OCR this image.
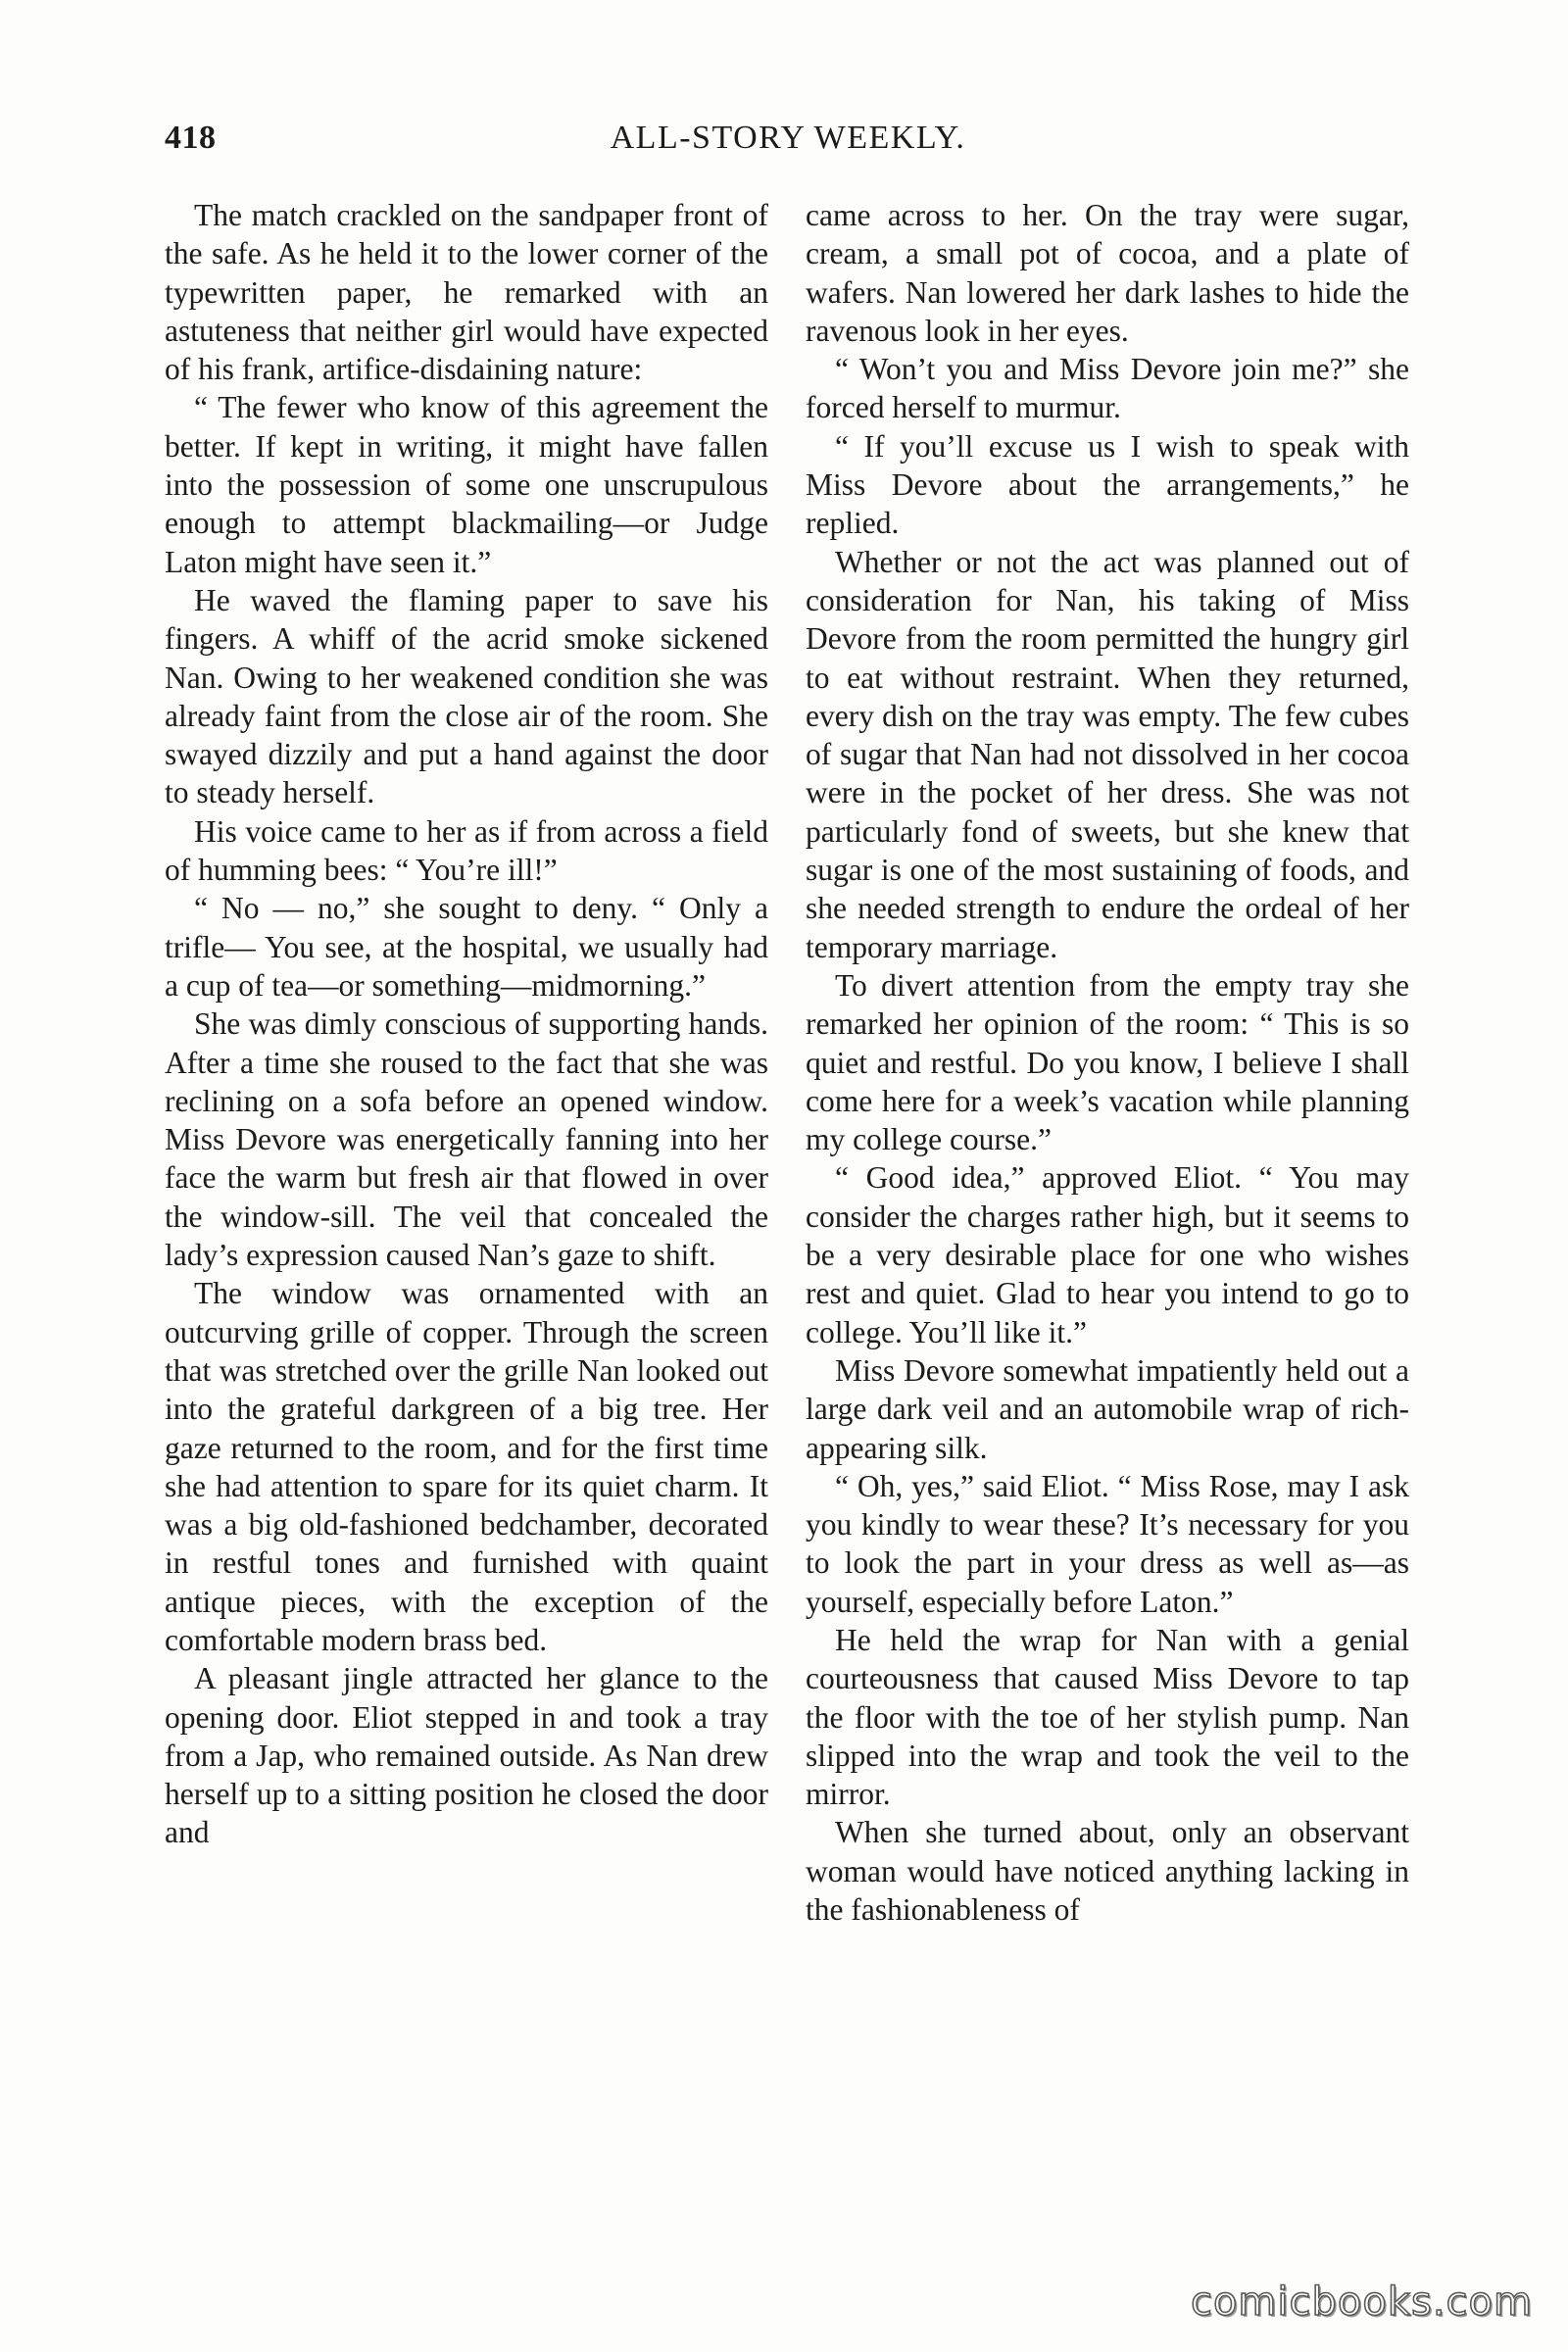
418	ALL-STORY WEEKLY.

The match crackled on the sandpaper front of the safe. As he held it to the lower corner of the typewritten paper, he remarked with an astuteness that neither girl would have expected of his frank, artifice-disdaining nature:

“ The fewer who know of this agreement the better. If kept in writing, it might have fallen into the possession of some one unscrupulous enough to attempt blackmailing—or Judge Laton might have seen it.”

He waved the flaming paper to save his fingers. A whiff of the acrid smoke sickened Nan. Owing to her weakened condition she was already faint from the close air of the room. She swayed dizzily and put a hand against the door to steady herself.

His voice came to her as if from across a field of humming bees: “ You’re ill!”

“ No — no,” she sought to deny. “ Only a trifle— You see, at the hospital, we usually had a cup of tea—or something—midmorning.”

She was dimly conscious of supporting hands. After a time she roused to the fact that she was reclining on a sofa before an opened window. Miss Devore was energetically fanning into her face the warm but fresh air that flowed in over the window-sill. The veil that concealed the lady’s expression caused Nan’s gaze to shift.

The window was ornamented with an outcurving grille of copper. Through the screen that was stretched over the grille Nan looked out into the grateful darkgreen of a big tree. Her gaze returned to the room, and for the first time she had attention to spare for its quiet charm. It was a big old-fashioned bedchamber, decorated in restful tones and furnished with quaint antique pieces, with the exception of the comfortable modern brass bed.

A pleasant jingle attracted her glance to the opening door. Eliot stepped in and took a tray from a Jap, who remained outside. As Nan drew herself up to a sitting position he closed the door and

came across to her. On the tray were sugar, cream, a small pot of cocoa, and a plate of wafers. Nan lowered her dark lashes to hide the ravenous look in her eyes.

“ Won’t you and Miss Devore join me?” she forced herself to murmur.

“ If you’ll excuse us I wish to speak with Miss Devore about the arrangements,” he replied.

Whether or not the act was planned out of consideration for Nan, his taking of Miss Devore from the room permitted the hungry girl to eat without restraint. When they returned, every dish on the tray was empty. The few cubes of sugar that Nan had not dissolved in her cocoa were in the pocket of her dress. She was not particularly fond of sweets, but she knew that sugar is one of the most sustaining of foods, and she needed strength to endure the ordeal of her temporary marriage.

To divert attention from the empty tray she remarked her opinion of the room: “ This is so quiet and restful. Do you know, I believe I shall come here for a week’s vacation while planning my college course.”

“ Good idea,” approved Eliot. “ You may consider the charges rather high, but it seems to be a very desirable place for one who wishes rest and quiet. Glad to hear you intend to go to college. You’ll like it.”

Miss Devore somewhat impatiently held out a large dark veil and an automobile wrap of rich-appearing silk.

“ Oh, yes,” said Eliot. “ Miss Rose, may I ask you kindly to wear these? It’s necessary for you to look the part in your dress as well as—as yourself, especially before Laton.”

He held the wrap for Nan with a genial courteousness that caused Miss Devore to tap the floor with the toe of her stylish pump. Nan slipped into the wrap and took the veil to the mirror.

When she turned about, only an observant woman would have noticed anything lacking in the fashionableness of

comicbooks.com
